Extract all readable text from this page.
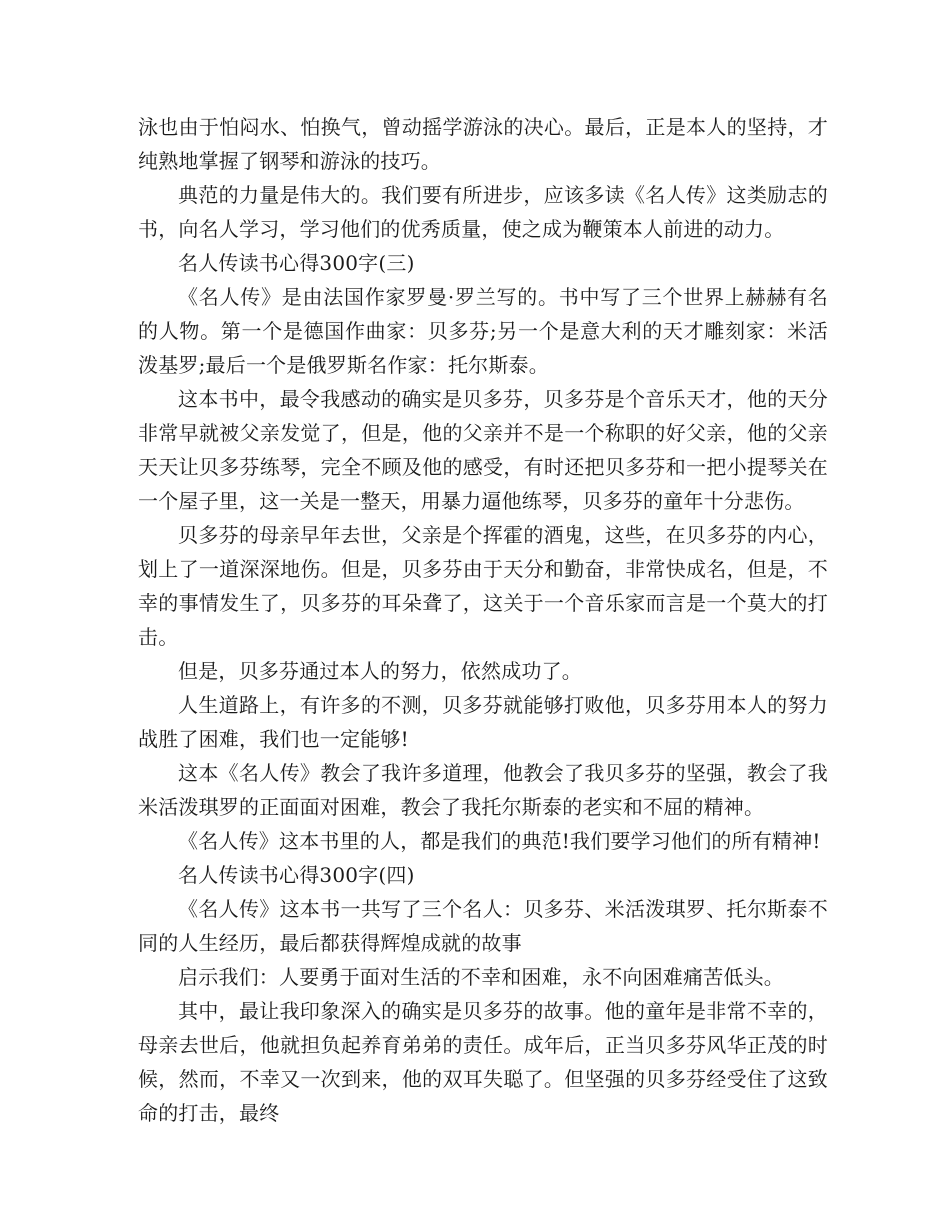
泳也由于怕闷水、怕换气，曾动摇学游泳的决心。最后，正是本人的坚持，才纯熟地掌握了钢琴和游泳的技巧。

典范的力量是伟大的。我们要有所进步，应该多读《名人传》这类励志的书，向名人学习，学习他们的优秀质量，使之成为鞭策本人前进的动力。

名人传读书心得300字(三)

《名人传》是由法国作家罗曼·罗兰写的。书中写了三个世界上赫赫有名的人物。第一个是德国作曲家：贝多芬;另一个是意大利的天才雕刻家：米活泼基罗;最后一个是俄罗斯名作家：托尔斯泰。

这本书中，最令我感动的确实是贝多芬，贝多芬是个音乐天才，他的天分非常早就被父亲发觉了，但是，他的父亲并不是一个称职的好父亲，他的父亲天天让贝多芬练琴，完全不顾及他的感受，有时还把贝多芬和一把小提琴关在一个屋子里，这一关是一整天，用暴力逼他练琴，贝多芬的童年十分悲伤。

贝多芬的母亲早年去世，父亲是个挥霍的酒鬼，这些，在贝多芬的内心，划上了一道深深地伤。但是，贝多芬由于天分和勤奋，非常快成名，但是，不幸的事情发生了，贝多芬的耳朵聋了，这关于一个音乐家而言是一个莫大的打击。

但是，贝多芬通过本人的努力，依然成功了。

人生道路上，有许多的不测，贝多芬就能够打败他，贝多芬用本人的努力战胜了困难，我们也一定能够!

这本《名人传》教会了我许多道理，他教会了我贝多芬的坚强，教会了我米活泼琪罗的正面面对困难，教会了我托尔斯泰的老实和不屈的精神。

《名人传》这本书里的人，都是我们的典范!我们要学习他们的所有精神!

名人传读书心得300字(四)

《名人传》这本书一共写了三个名人：贝多芬、米活泼琪罗、托尔斯泰不同的人生经历，最后都获得辉煌成就的故事

启示我们：人要勇于面对生活的不幸和困难，永不向困难痛苦低头。

其中，最让我印象深入的确实是贝多芬的故事。他的童年是非常不幸的，母亲去世后，他就担负起养育弟弟的责任。成年后，正当贝多芬风华正茂的时候，然而，不幸又一次到来，他的双耳失聪了。但坚强的贝多芬经受住了这致命的打击，最终
